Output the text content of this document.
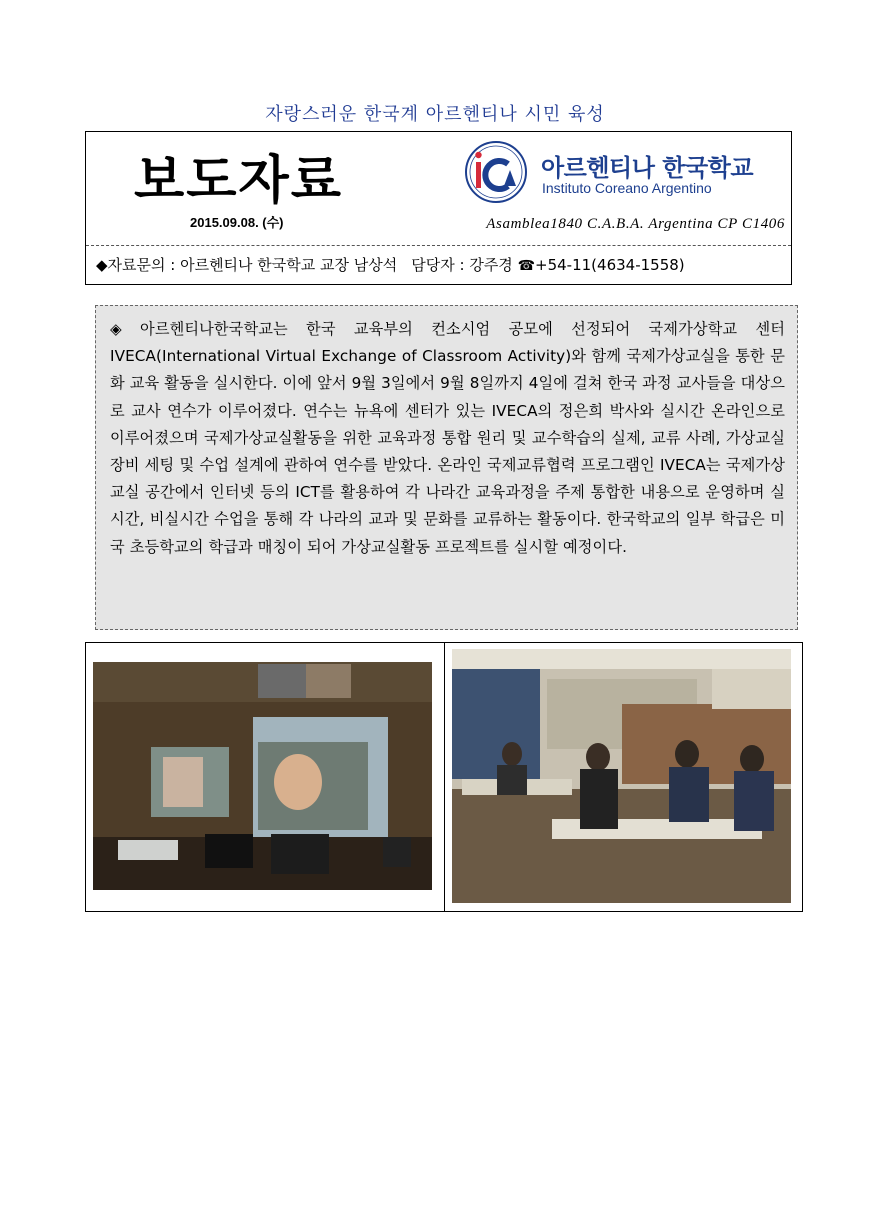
자랑스러운 한국계 아르헨티나 시민 육성
보도자료
2015.09.08. (수)
아르헨티나 한국학교
Instituto Coreano Argentino
Asamblea1840 C.A.B.A. Argentina CP C1406
◆자료문의 : 아르헨티나 한국학교 교장 남상석 담당자 : 강주경 ☎+54-11(4634-1558)
◈ 아르헨티나한국학교는 한국 교육부의 컨소시엄 공모에 선정되어 국제가상학교 센터 IVECA(International Virtual Exchange of Classroom Activity)와 함께 국제가상교실을 통한 문화 교육 활동을 실시한다. 이에 앞서 9월 3일에서 9월 8일까지 4일에 걸쳐 한국 과정 교사들을 대상으로 교사 연수가 이루어졌다. 연수는 뉴욕에 센터가 있는 IVECA의 정은희 박사와 실시간 온라인으로 이루어졌으며 국제가상교실활동을 위한 교육과정 통합 원리 및 교수학습의 실제, 교류 사례, 가상교실 장비 세팅 및 수업 설계에 관하여 연수를 받았다. 온라인 국제교류협력 프로그램인 IVECA는 국제가상교실 공간에서 인터넷 등의 ICT를 활용하여 각 나라간 교육과정을 주제 통합한 내용으로 운영하며 실시간, 비실시간 수업을 통해 각 나라의 교과 및 문화를 교류하는 활동이다. 한국학교의 일부 학급은 미국 초등학교의 학급과 매칭이 되어 가상교실활동 프로젝트를 실시할 예정이다.
